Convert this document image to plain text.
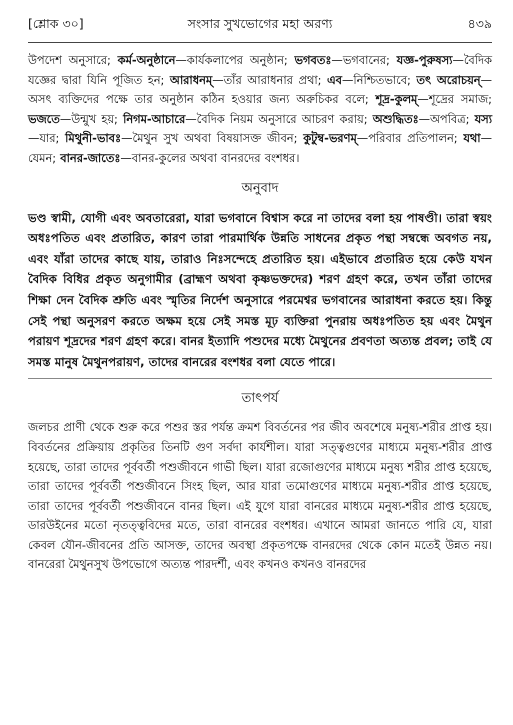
[শ্লোক ৩০]	সংসার সুখভোগের মহা অরণ্য	৪৩৯
উপদেশ অনুসারে; কর্ম-অনুষ্ঠানে—কার্যকলাপের অনুষ্ঠান; ভগবতঃ—ভগবানের; যজ্ঞ-পুরুষস্য—বৈদিক যজ্ঞের দ্বারা যিনি পূজিত হন; আরাধনম্—তাঁর আরাধনার প্রথা; এব—নিশ্চিতভাবে; তৎ অরোচয়ন্—অসৎ ব্যক্তিদের পক্ষে তার অনুষ্ঠান কঠিন হওয়ার জন্য অরুচিকর বলে; শূদ্র-কুলম্—শূদ্রের সমাজ; ভজতে—উন্মুখ হয়; নিগম-আচারে—বৈদিক নিয়ম অনুসারে আচরণ করায়; অশুদ্ধিতঃ—অপবিত্র; যস্য—যার; মিথুনী-ভাবঃ—মৈথুন সুখ অথবা বিষয়াসক্ত জীবন; কুটুম্ব-ভরণম্—পরিবার প্রতিপালন; যথা—যেমন; বানর-জাতেঃ—বানর-কুলের অথবা বানরদের বংশধর।
অনুবাদ
ভণ্ড স্বামী, যোগী এবং অবতারেরা, যারা ভগবানে বিশ্বাস করে না তাদের বলা হয় পাষণ্ডী। তারা স্বয়ং অধঃপতিত এবং প্রতারিত, কারণ তারা পারমার্থিক উন্নতি সাধনের প্রকৃত পন্থা সম্বন্ধে অবগত নয়, এবং যাঁরা তাদের কাছে যায়, তারাও নিঃসন্দেহে প্রতারিত হয়। এইভাবে প্রতারিত হয়ে কেউ যখন বৈদিক বিধির প্রকৃত অনুগামীর (ব্রাহ্মণ অথবা কৃষ্ণভক্তদের) শরণ গ্রহণ করে, তখন তাঁরা তাদের শিক্ষা দেন বৈদিক শ্রুতি এবং স্মৃতির নির্দেশ অনুসারে পরমেশ্বর ভগবানের আরাধনা করতে হয়। কিন্তু সেই পন্থা অনুসরণ করতে অক্ষম হয়ে সেই সমস্ত মূঢ় ব্যক্তিরা পুনরায় অধঃপতিত হয় এবং মৈথুন পরায়ণ শূদ্রদের শরণ গ্রহণ করে। বানর ইত্যাদি পশুদের মধ্যে মৈথুনের প্রবণতা অত্যন্ত প্রবল; তাই যে সমস্ত মানুষ মৈথুনপরায়ণ, তাদের বানরের বংশধর বলা যেতে পারে।
তাৎপর্য
জলচর প্রাণী থেকে শুরু করে পশুর স্তর পর্যন্ত ক্রমশ বিবর্তনের পর জীব অবশেষে মনুষ্য-শরীর প্রাপ্ত হয়। বিবর্তনের প্রক্রিয়ায় প্রকৃতির তিনটি গুণ সর্বদা কার্যশীল। যারা সত্ত্বগুণের মাধ্যমে মনুষ্য-শরীর প্রাপ্ত হয়েছে, তারা তাদের পূর্ববর্তী পশুজীবনে গাভী ছিল। যারা রজোগুণের মাধ্যমে মনুষ্য শরীর প্রাপ্ত হয়েছে, তারা তাদের পূর্ববর্তী পশুজীবনে সিংহ ছিল, আর যারা তমোগুণের মাধ্যমে মনুষ্য-শরীর প্রাপ্ত হয়েছে, তারা তাদের পূর্ববর্তী পশুজীবনে বানর ছিল। এই যুগে যারা বানরের মাধ্যমে মনুষ্য-শরীর প্রাপ্ত হয়েছে, ডারউইনের মতো নৃতত্ত্ববিদের মতে, তারা বানরের বংশধর। এখানে আমরা জানতে পারি যে, যারা কেবল যৌন-জীবনের প্রতি আসক্ত, তাদের অবস্থা প্রকৃতপক্ষে বানরদের থেকে কোন মতেই উন্নত নয়। বানরেরা মৈথুনসুখ উপভোগে অত্যন্ত পারদর্শী, এবং কখনও কখনও বানরদের
